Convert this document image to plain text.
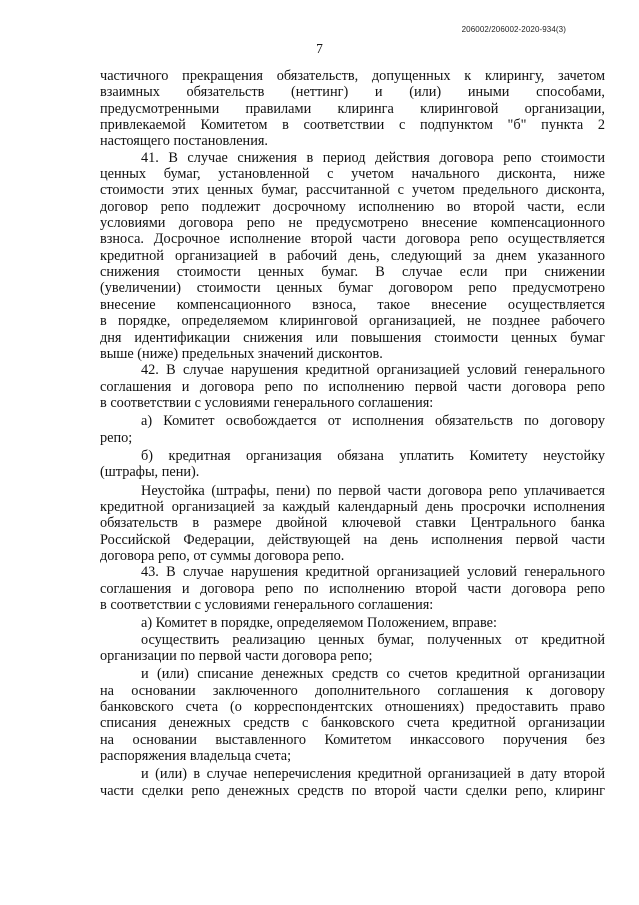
206002/206002-2020-934(3)
7
частичного прекращения обязательств, допущенных к клирингу, зачетом
взаимных обязательств (неттинг) и (или) иными способами,
предусмотренными правилами клиринга клиринговой организации,
привлекаемой Комитетом в соответствии с подпунктом "б" пункта 2
настоящего постановления.
41. В случае снижения в период действия договора репо стоимости
ценных бумаг, установленной с учетом начального дисконта, ниже
стоимости этих ценных бумаг, рассчитанной с учетом предельного дисконта,
договор репо подлежит досрочному исполнению во второй части, если
условиями договора репо не предусмотрено внесение компенсационного
взноса. Досрочное исполнение второй части договора репо осуществляется
кредитной организацией в рабочий день, следующий за днем указанного
снижения стоимости ценных бумаг. В случае если при снижении
(увеличении) стоимости ценных бумаг договором репо предусмотрено
внесение компенсационного взноса, такое внесение осуществляется
в порядке, определяемом клиринговой организацией, не позднее рабочего
дня идентификации снижения или повышения стоимости ценных бумаг
выше (ниже) предельных значений дисконтов.
42. В случае нарушения кредитной организацией условий генерального
соглашения и договора репо по исполнению первой части договора репо
в соответствии с условиями генерального соглашения:
а) Комитет освобождается от исполнения обязательств по договору
репо;
б) кредитная организация обязана уплатить Комитету неустойку
(штрафы, пени).
Неустойка (штрафы, пени) по первой части договора репо уплачивается
кредитной организацией за каждый календарный день просрочки исполнения
обязательств в размере двойной ключевой ставки Центрального банка
Российской Федерации, действующей на день исполнения первой части
договора репо, от суммы договора репо.
43. В случае нарушения кредитной организацией условий генерального
соглашения и договора репо по исполнению второй части договора репо
в соответствии с условиями генерального соглашения:
а) Комитет в порядке, определяемом Положением, вправе:
осуществить реализацию ценных бумаг, полученных от кредитной
организации по первой части договора репо;
и (или) списание денежных средств со счетов кредитной организации
на основании заключенного дополнительного соглашения к договору
банковского счета (о корреспондентских отношениях) предоставить право
списания денежных средств с банковского счета кредитной организации
на основании выставленного Комитетом инкассового поручения без
распоряжения владельца счета;
и (или) в случае неперечисления кредитной организацией в дату второй
части сделки репо денежных средств по второй части сделки репо, клиринг
